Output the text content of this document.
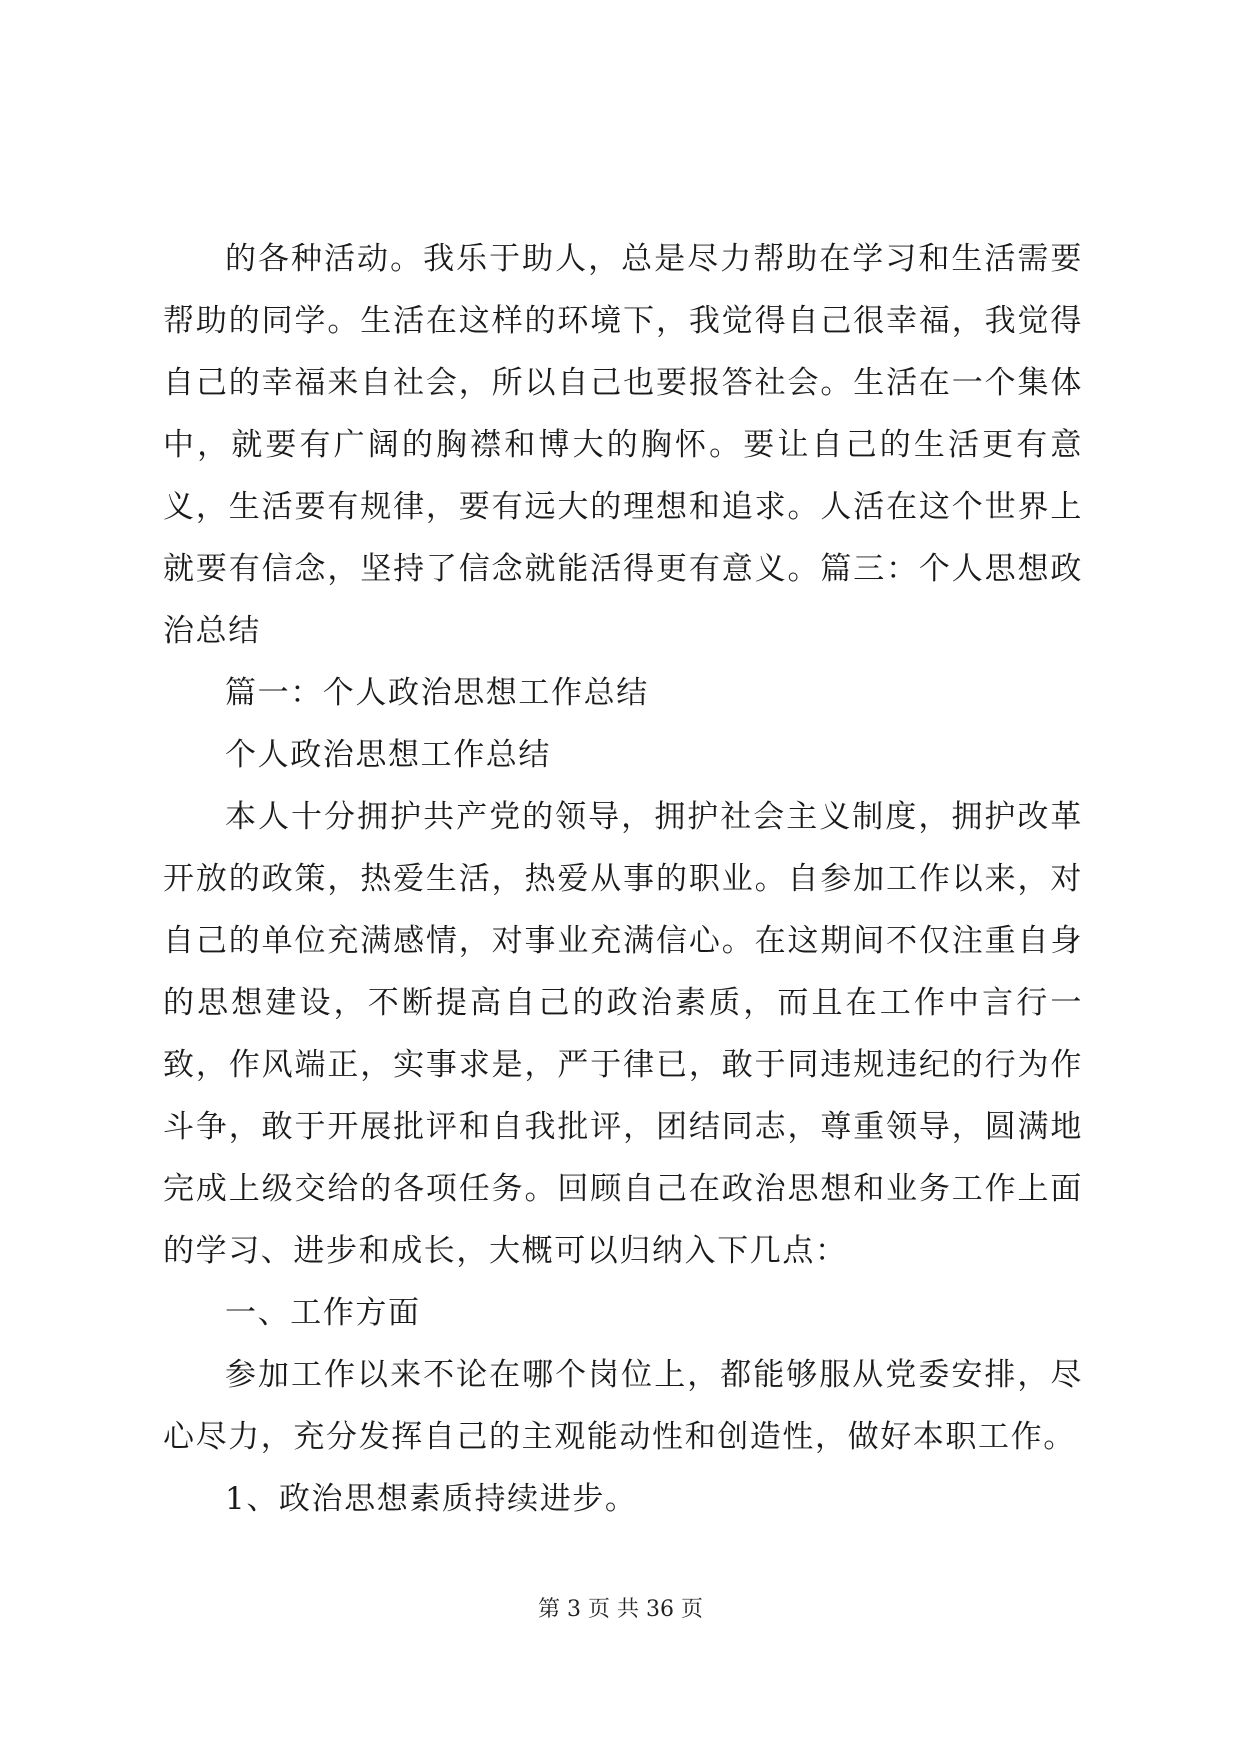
的各种活动。我乐于助人，总是尽力帮助在学习和生活需要帮助的同学。生活在这样的环境下，我觉得自己很幸福，我觉得自己的幸福来自社会，所以自己也要报答社会。生活在一个集体中，就要有广阔的胸襟和博大的胸怀。要让自己的生活更有意义，生活要有规律，要有远大的理想和追求。人活在这个世界上就要有信念，坚持了信念就能活得更有意义。篇三：个人思想政治总结

篇一：个人政治思想工作总结

个人政治思想工作总结

本人十分拥护共产党的领导，拥护社会主义制度，拥护改革开放的政策，热爱生活，热爱从事的职业。自参加工作以来，对自己的单位充满感情，对事业充满信心。在这期间不仅注重自身的思想建设，不断提高自己的政治素质，而且在工作中言行一致，作风端正，实事求是，严于律已，敢于同违规违纪的行为作斗争，敢于开展批评和自我批评，团结同志，尊重领导，圆满地完成上级交给的各项任务。回顾自己在政治思想和业务工作上面的学习、进步和成长，大概可以归纳入下几点：

一、工作方面

参加工作以来不论在哪个岗位上，都能够服从党委安排，尽心尽力，充分发挥自己的主观能动性和创造性，做好本职工作。

1、政治思想素质持续进步。

第 3 页 共 36 页
